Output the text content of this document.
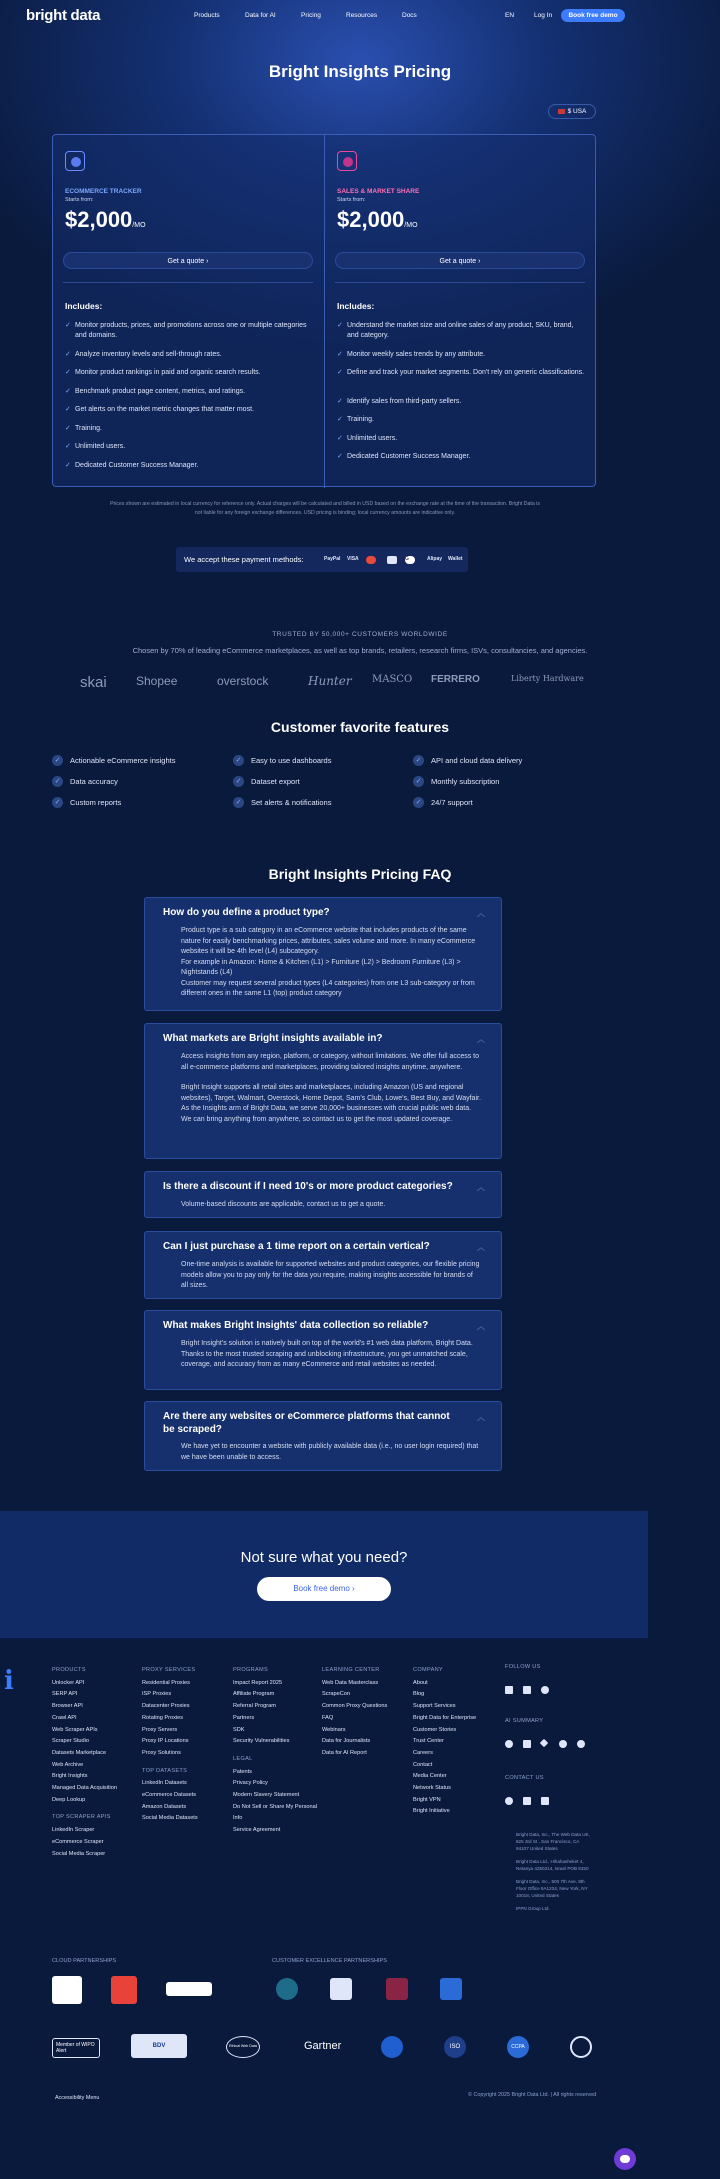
bright data	Products	Data for AI	Pricing	Resources	Docs	EN	Log In	Book free demo
Bright Insights Pricing
$ USA
ECOMMERCE TRACKER
Starts from:
$2,000/MO
Get a quote ›
Includes:
✓ Monitor products, prices, and promotions across one or multiple categories and domains.
✓ Analyze inventory levels and sell-through rates.
✓ Monitor product rankings in paid and organic search results.
✓ Benchmark product page content, metrics, and ratings.
✓ Get alerts on the market metric changes that matter most.
✓ Training.
✓ Unlimited users.
✓ Dedicated Customer Success Manager.
SALES & MARKET SHARE
Starts from:
$2,000/MO
Get a quote ›
Includes:
✓ Understand the market size and online sales of any product, SKU, brand, and category.
✓ Monitor weekly sales trends by any attribute.
✓ Define and track your market segments. Don't rely on generic classifications.
✓ Identify sales from third-party sellers.
✓ Training.
✓ Unlimited users.
✓ Dedicated Customer Success Manager.

Prices shown are estimated in local currency for reference only. Actual charges will be calculated and billed in USD based on the exchange rate at the time of the transaction. Bright Data is not liable for any foreign exchange differences. USD pricing is binding; local currency amounts are indicative only.

We accept these payment methods:	PayPal VISA	G	Alipay Wallet
TRUSTED BY 50,000+ CUSTOMERS WORLDWIDE
Chosen by 70% of leading eCommerce marketplaces, as well as top brands, retailers, research firms, ISVs, consultancies, and agencies.
skai Shopee	overstock	Hunter MASCO FERRERO	Liberty Hardware
Customer favorite features
✓	Actionable eCommerce insights	✓	Easy to use dashboards	✓	API and cloud data delivery
✓	Data accuracy	✓	Dataset export	✓	Monthly subscription
✓	Custom reports	✓	Set alerts & notifications	✓	24/7 support
Bright Insights Pricing FAQ
How do you define a product type?	︿
Product type is a sub category in an eCommerce website that includes products of the same nature for easily benchmarking prices, attributes, sales volume and more. In many eCommerce websites it will be 4th level (L4) subcategory.
For example in Amazon: Home & Kitchen (L1) > Furniture (L2) > Bedroom Furniture (L3) > Nightstands (L4)
Customer may request several product types (L4 categories) from one L3 sub-category or from different ones in the same L1 (top) product category
What markets are Bright insights available in?	︿
Access insights from any region, platform, or category, without limitations. We offer full access to all e-commerce platforms and marketplaces, providing tailored insights anytime, anywhere.
Bright Insight supports all retail sites and marketplaces, including Amazon (US and regional websites), Target, Walmart, Overstock, Home Depot, Sam's Club, Lowe's, Best Buy, and Wayfair. As the Insights arm of Bright Data, we serve 20,000+ businesses with crucial public web data. We can bring anything from anywhere, so contact us to get the most updated coverage.
Is there a discount if I need 10's or more product categories?	︿
Volume-based discounts are applicable, contact us to get a quote.
Can I just purchase a 1 time report on a certain vertical?	︿
One-time analysis is available for supported websites and product categories, our flexible pricing models allow you to pay only for the data you require, making insights accessible for brands of all sizes.
What makes Bright Insights' data collection so reliable?	︿
Bright Insight's solution is natively built on top of the world's #1 web data platform, Bright Data. Thanks to the most trusted scraping and unblocking infrastructure, you get unmatched scale, coverage, and accuracy from as many eCommerce and retail websites as needed.
Are there any websites or eCommerce platforms that cannot be scraped?
︿
We have yet to encounter a website with publicly available data (i.e., no user login required) that we have been unable to access.
Not sure what you need?
Book free demo ›
i	PRODUCTS
Unlocker API
SERP API
Browser API
Crawl API
Web Scraper APIs
Scraper Studio
Datasets Marketplace
Web Archive
Bright Insights
Managed Data Acquisition
Deep Lookup
TOP SCRAPER APIS
LinkedIn Scraper
eCommerce Scraper
Social Media Scraper
PROXY SERVICES
Residential Proxies
ISP Proxies
Datacenter Proxies
Rotating Proxies
Proxy Servers
Proxy IP Locations
Proxy Solutions
TOP DATASETS
LinkedIn Datasets
eCommerce Datasets
Amazon Datasets
Social Media Datasets
PROGRAMS
Impact Report 2025
Affiliate Program
Referral Program
Partners
SDK
Security Vulnerabilities
LEGAL
Patents
Privacy Policy
Modern Slavery Statement
Do Not Sell or Share My Personal Info
Service Agreement
LEARNING CENTER
Web Data Masterclass
ScrapeCon
Common Proxy Questions
FAQ
Webinars
Data for Journalists
Data for AI Report
COMPANY
About
Blog
Support Services
Bright Data for Enterprise
Customer Stories
Trust Center
Careers
Contact
Media Center
Network Status
Bright VPN
Bright Initiative
FOLLOW US
AI SUMMARY
CONTACT US
Bright Data, Inc., The Web Data UK, 825 3rd St , San Francisco, CA 94107 United States
Bright Data Ltd., Hihahasheket 4, Netanya 4250214, Israel POB 8320
Bright Data, Inc., 500 7th Ave, 9th Floor Office 9A1234, New York, NY 10018, United States
IPPN Group Ltd.
CLOUD PARTNERSHIPS	CUSTOMER EXCELLENCE PARTNERSHIPS
Member of WIPO Alert
BDV	Ethical Web Data	Gartner	ISO	CCPA
Accessibility Menu	© Copyright 2025 Bright Data Ltd. | All rights reserved
